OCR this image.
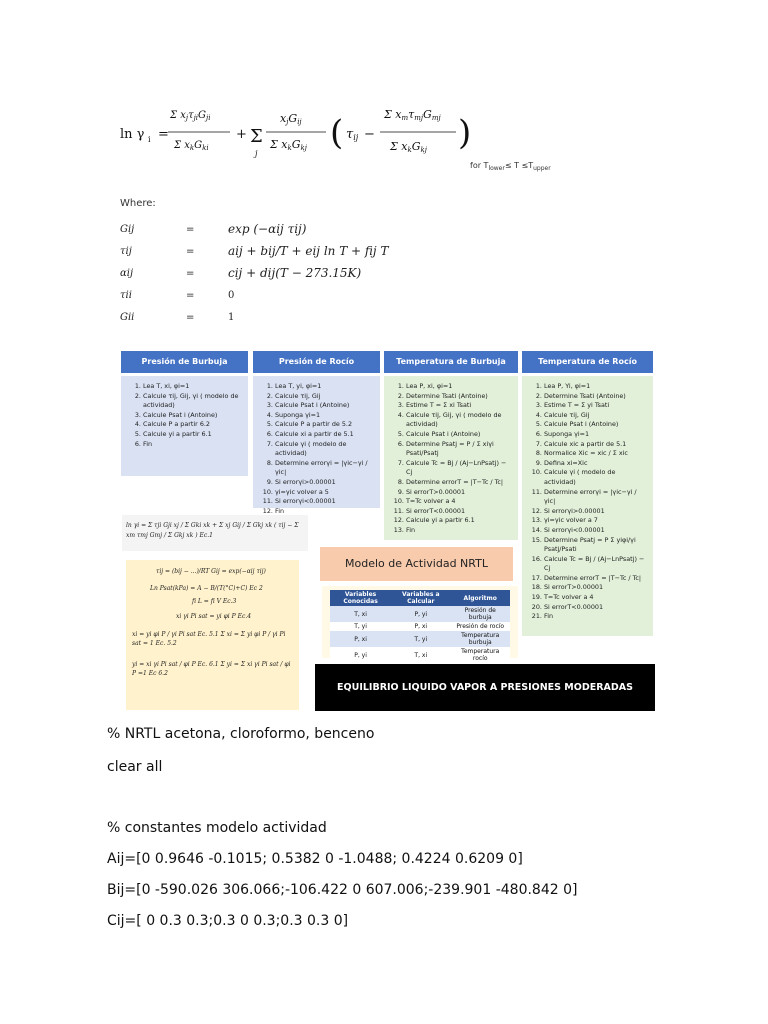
ln γ i =
Σ $x_j\tau_{ji}G_{ji}$
Σ $x_kG_{ki}$
+ Σ
j
xjGij
Σ xkGkj ( τij −
Σ xmτmjGmj
Σ xkGkj )
for $T_{lower}\le T \le T_{upper}$
Where:
Gij	=	exp (−αij τij)
τij	=	aij + bij/T + eij ln T + fij T
αij	=	cij + dij(T − 273.15K)
τii	=	0
Gii	=	1
Presión de Burbuja
1. Lea T, xi, φi=1
2. Calcule τij, Gij, γi ( modelo de actividad)
3. Calcule Psat i (Antoine)
4. Calcule P a partir 6.2
5. Calcule yi a partir 6.1
6. Fin
Presión de Rocío
1. Lea T, yi, φi=1
2. Calcule τij, Gij
3. Calcule Psat i (Antoine)
4. Suponga γi=1
5. Calcule P a partir de 5.2
6. Calcule xi a partir de 5.1
7. Calcule γi ( modelo de actividad)
8. Determine errorγi = |γic−γi / γic|
9. Si errorγi>0.00001
10. γi=γic volver a 5
11. Si errorγi<0.00001
12. Fin
Temperatura de Burbuja
1. Lea P, xi, φi=1
2. Determine Tsati (Antoine)
3. Estime T = Σ xi Tsati
4. Calcule τij, Gij, γi ( modelo de actividad)
5. Calcule Psat i (Antoine)
6. Determine Psatj = P / Σ xiγi Psati/Psatj
7. Calcule Tc = Bj / (Aj−LnPsatj) − Cj
8. Determine errorT = |T−Tc / Tc|
9. Si errorT>0.00001
10. T=Tc volver a 4
11. Si errorT<0.00001
12. Calcule yi a partir 6.1
13. Fin
Temperatura de Rocío
1. Lea P, Yi, φi=1
2. Determine Tsati (Antoine)
3. Estime T = Σ yi Tsati
4. Calcule τij, Gij
5. Calcule Psat i (Antoine)
6. Suponga γi=1
7. Calcule xic a partir de 5.1
8. Normalice Xic = xic / Σ xic
9. Defina xi=Xic
10. Calcule γi ( modelo de actividad)
11. Determine errorγi = |γic−γi / γic|
12. Si errorγi>0.00001
13. γi=γic volver a 7
14. Si errorγi<0.00001
15. Determine Psatj = P Σ yiφi/γi Psatj/Psati
16. Calcule Tc = Bj / (Aj−LnPsatj) − Cj
17. Determine errorT = |T−Tc / Tc|
18. Si errorT>0.00001
19. T=Tc volver a 4
20. Si errorT<0.00001
21. Fin
ln γi = Σ τji Gji xj / Σ Gki xk + Σ xj Gij / Σ Gkj xk ( τij − Σ xm τmj Gmj / Σ Gkj xk ) Ec.1
τij = (bij − ...)/RT Gij = exp(−αij τij)
Ln Psat(kPa) = A − B/(T(°C)+C) Ec 2
fi L = fi V Ec.3
xi γi Pi sat = yi φi P Ec.4
xi = yi φi P / γi Pi sat Ec. 5.1 Σ xi = Σ yi φi P / γi Pi sat = 1 Ec. 5.2
yi = xi γi Pi sat / φi P Ec. 6.1 Σ yi = Σ xi γi Pi sat / φi P =1 Ec 6.2
Modelo de Actividad NRTL
Variables Conocidas	Variables a Calcular	Algoritmo
T, xi	P, yi	Presión de burbuja
T, yi	P, xi	Presión de rocío
P, xi	T, yi	Temperatura burbuja
P, yi	T, xi	Temperatura rocío
EQUILIBRIO LIQUIDO VAPOR A PRESIONES MODERADAS
% NRTL acetona, cloroformo, benceno
clear all
% constantes modelo actividad
Aij=[0 0.9646 -0.1015; 0.5382 0 -1.0488; 0.4224 0.6209 0]
Bij=[0 -590.026 306.066;-106.422 0 607.006;-239.901 -480.842 0]
Cij=[ 0 0.3 0.3;0.3 0 0.3;0.3 0.3 0]
